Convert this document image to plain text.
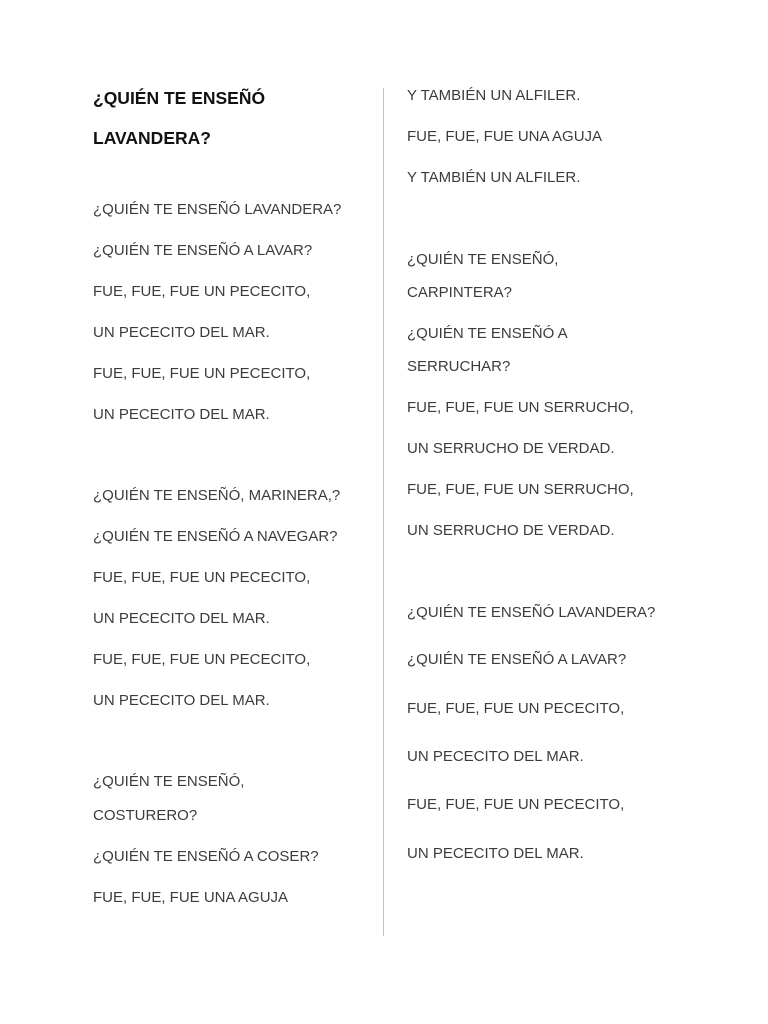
¿QUIÉN TE ENSEÑÓ
LAVANDERA?
¿QUIÉN TE ENSEÑÓ LAVANDERA?
¿QUIÉN TE ENSEÑÓ A LAVAR?
FUE, FUE, FUE UN PECECITO,
UN PECECITO DEL MAR.
FUE, FUE, FUE UN PECECITO,
UN PECECITO DEL MAR.
¿QUIÉN TE ENSEÑÓ, MARINERA,?
¿QUIÉN TE ENSEÑÓ A NAVEGAR?
FUE, FUE, FUE UN PECECITO,
UN PECECITO DEL MAR.
FUE, FUE, FUE UN PECECITO,
UN PECECITO DEL MAR.
¿QUIÉN TE ENSEÑÓ,
COSTURERO?
¿QUIÉN TE ENSEÑÓ A COSER?
FUE, FUE, FUE UNA AGUJA
Y TAMBIÉN UN ALFILER.
FUE, FUE, FUE UNA AGUJA
Y TAMBIÉN UN ALFILER.
¿QUIÉN TE ENSEÑÓ,
CARPINTERA?
¿QUIÉN TE ENSEÑÓ A
SERRUCHAR?
FUE, FUE, FUE UN SERRUCHO,
UN SERRUCHO DE VERDAD.
FUE, FUE, FUE UN SERRUCHO,
UN SERRUCHO DE VERDAD.
¿QUIÉN TE ENSEÑÓ LAVANDERA?
¿QUIÉN TE ENSEÑÓ A LAVAR?
FUE, FUE, FUE UN PECECITO,
UN PECECITO DEL MAR.
FUE, FUE, FUE UN PECECITO,
UN PECECITO DEL MAR.
